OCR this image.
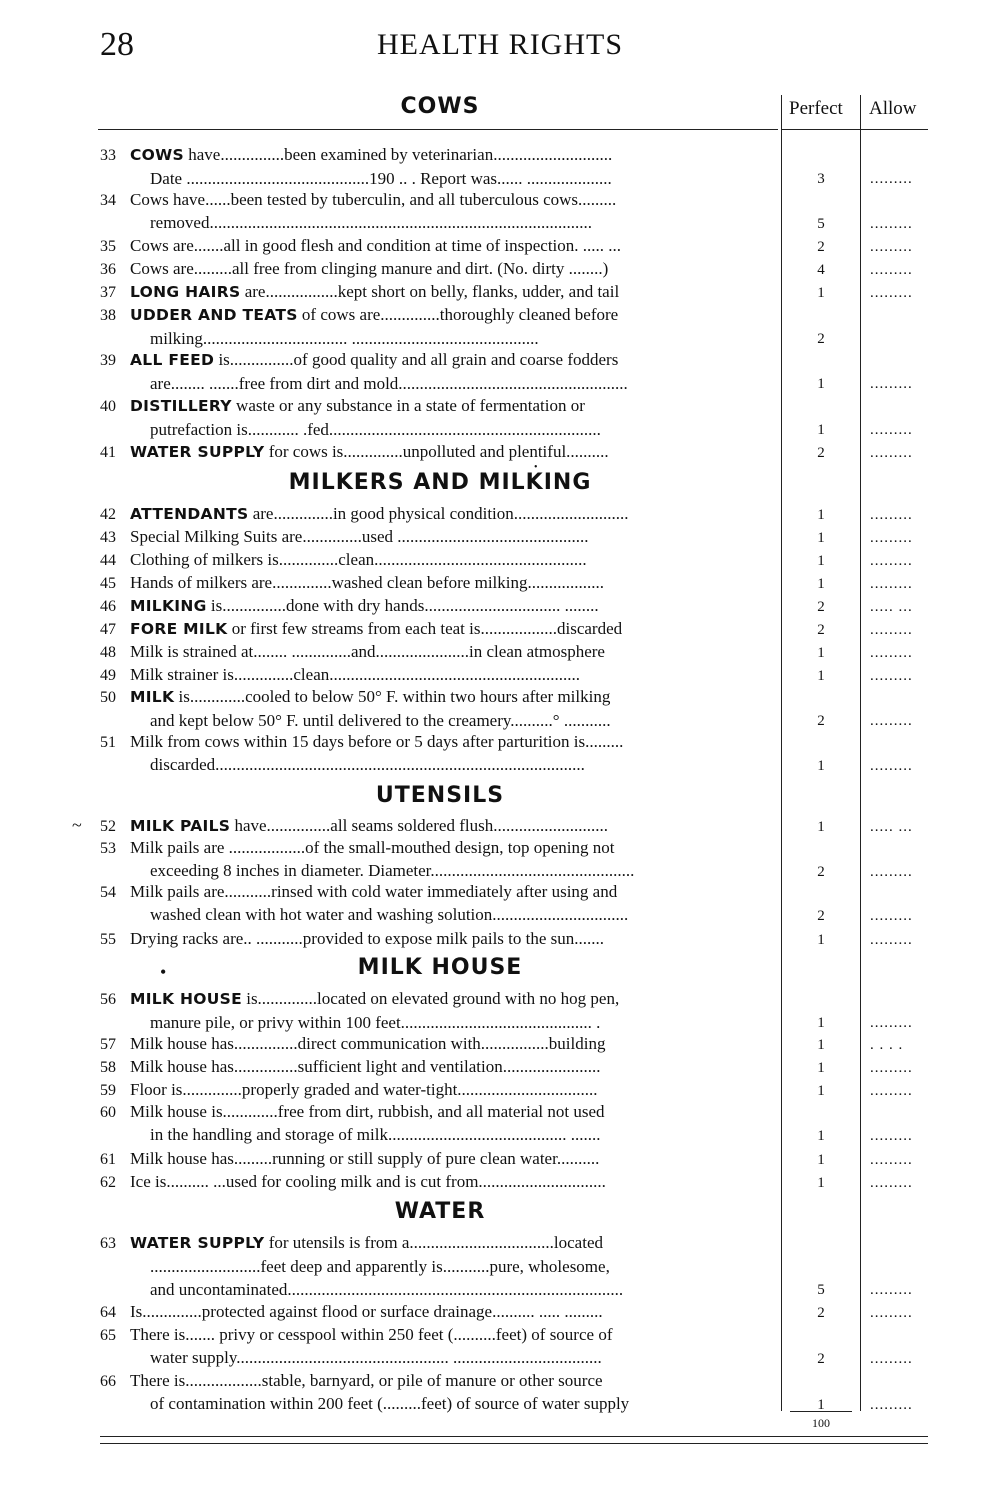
28	HEALTH RIGHTS
Perfect Allow
100
~
•
•
COWS
33 COWS have...............been examined by veterinarian............................
Date ...........................................190 .. . Report was...... ....................	3	.........
34 Cows have......been tested by tuberculin, and all tuberculous cows.........
removed..........................................................................................	5	.........
35 Cows are.......all in good flesh and condition at time of inspection. ..... ...	2	.........
36 Cows are.........all free from clinging manure and dirt. (No. dirty ........)	4	.........
37 LONG HAIRS are.................kept short on belly, flanks, udder, and tail	1	.........
38 UDDER AND TEATS of cows are..............thoroughly cleaned before
milking.................................. ............................................	2
39 ALL FEED is...............of good quality and all grain and coarse fodders
are........ .......free from dirt and mold......................................................	1	.........
40 DISTILLERY waste or any substance in a state of fermentation or
putrefaction is............ .fed................................................................	1	.........
41 WATER SUPPLY for cows is..............unpolluted and plentiful..........	2	.........
MILKERS AND MILKING
42 ATTENDANTS are..............in good physical condition...........................	1	.........
43 Special Milking Suits are..............used .............................................	1	.........
44 Clothing of milkers is..............clean..................................................	1	.........
45 Hands of milkers are..............washed clean before milking..................	1	.........
46 MILKING is...............done with dry hands................................ ........	2	..... ...
47 FORE MILK or first few streams from each teat is..................discarded	2	.........
48 Milk is strained at........ ..............and......................in clean atmosphere	1	.........
49 Milk strainer is..............clean...........................................................	1	.........
50 MILK is.............cooled to below 50° F. within two hours after milking
and kept below 50° F. until delivered to the creamery..........° ...........	2	.........
51 Milk from cows within 15 days before or 5 days after parturition is.........
discarded.......................................................................................	1	.........
UTENSILS
52 MILK PAILS have...............all seams soldered flush...........................	1	..... ...
53 Milk pails are ..................of the small-mouthed design, top opening not
exceeding 8 inches in diameter. Diameter................................................	2	.........
54 Milk pails are...........rinsed with cold water immediately after using and
washed clean with hot water and washing solution................................	2	.........
55 Drying racks are.. ...........provided to expose milk pails to the sun.......	1	.........
MILK HOUSE
56 MILK HOUSE is..............located on elevated ground with no hog pen,
manure pile, or privy within 100 feet............................................. .	1	.........
57 Milk house has...............direct communication with................building	1	. . . .
58 Milk house has...............sufficient light and ventilation.......................	1	.........
59 Floor is..............properly graded and water-tight.................................	1	.........
60 Milk house is.............free from dirt, rubbish, and all material not used
in the handling and storage of milk.......................................... .......	1	.........
61 Milk house has.........running or still supply of pure clean water..........	1	.........
62 Ice is.......... ...used for cooling milk and is cut from..............................	1	.........
WATER
63 WATER SUPPLY for utensils is from a..................................located
..........................feet deep and apparently is...........pure, wholesome,
and uncontaminated...............................................................................	5	.........
64 Is..............protected against flood or surface drainage.......... ..... .........	2	.........
65 There is....... privy or cesspool within 250 feet (..........feet) of source of
water supply.................................................. ...................................	2	.........
66 There is..................stable, barnyard, or pile of manure or other source
of contamination within 200 feet (.........feet) of source of water supply	1	.........
